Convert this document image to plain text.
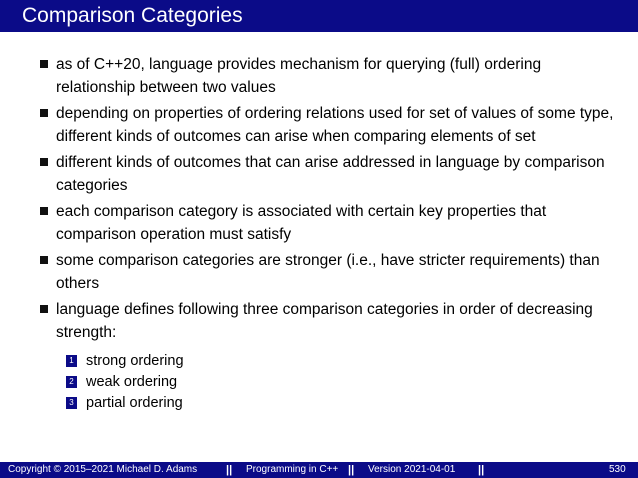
Comparison Categories
as of C++20, language provides mechanism for querying (full) ordering relationship between two values
depending on properties of ordering relations used for set of values of some type, different kinds of outcomes can arise when comparing elements of set
different kinds of outcomes that can arise addressed in language by comparison categories
each comparison category is associated with certain key properties that comparison operation must satisfy
some comparison categories are stronger (i.e., have stricter requirements) than others
language defines following three comparison categories in order of decreasing strength:
1 strong ordering
2 weak ordering
3 partial ordering
Copyright © 2015–2021 Michael D. Adams	|| Programming in C++ || Version 2021-04-01 ||	530
